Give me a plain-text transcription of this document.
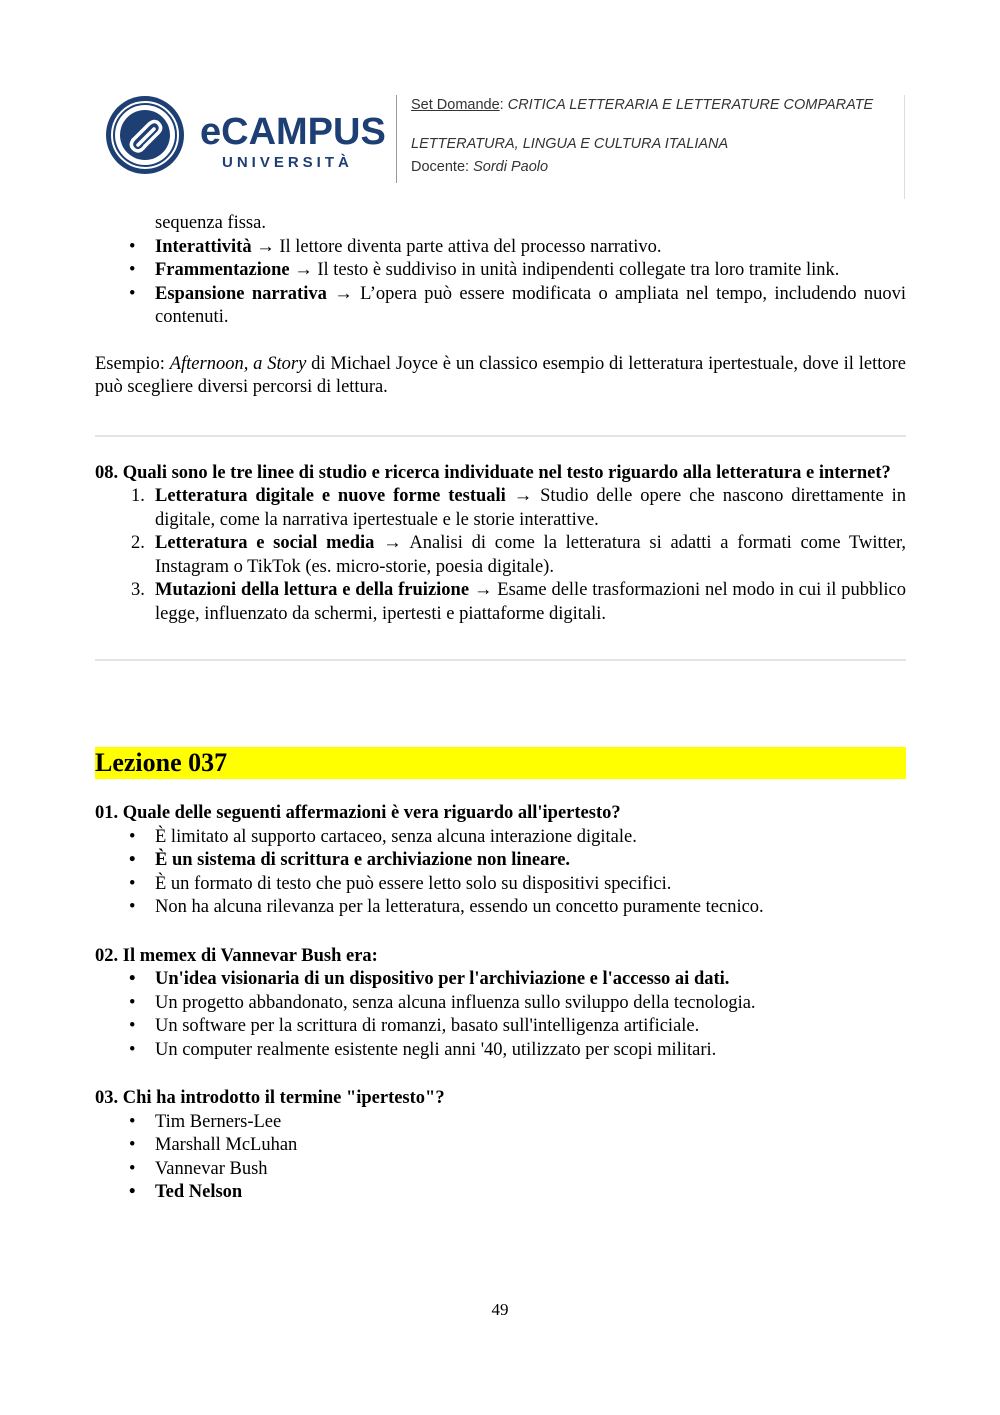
eCAMPUS
UNIVERSITÀ
Set Domande: CRITICA LETTERARIA E LETTERATURE COMPARATE
LETTERATURA, LINGUA E CULTURA ITALIANA
Docente: Sordi Paolo

sequenza fissa.

• Interattività → Il lettore diventa parte attiva del processo narrativo.
• Frammentazione → Il testo è suddiviso in unità indipendenti collegate tra loro tramite link.
• Espansione narrativa → L’opera può essere modificata o ampliata nel tempo, includendo nuovi contenuti.

Esempio: Afternoon, a Story di Michael Joyce è un classico esempio di letteratura ipertestuale, dove il lettore può scegliere diversi percorsi di lettura.

08. Quali sono le tre linee di studio e ricerca individuate nel testo riguardo alla letteratura e internet?

1. Letteratura digitale e nuove forme testuali → Studio delle opere che nascono direttamente in digitale, come la narrativa ipertestuale e le storie interattive.
2. Letteratura e social media → Analisi di come la letteratura si adatti a formati come Twitter, Instagram o TikTok (es. micro-storie, poesia digitale).
3. Mutazioni della lettura e della fruizione → Esame delle trasformazioni nel modo in cui il pubblico legge, influenzato da schermi, ipertesti e piattaforme digitali.
Lezione 037

01. Quale delle seguenti affermazioni è vera riguardo all'ipertesto?

• È limitato al supporto cartaceo, senza alcuna interazione digitale.
• È un sistema di scrittura e archiviazione non lineare.
• È un formato di testo che può essere letto solo su dispositivi specifici.
• Non ha alcuna rilevanza per la letteratura, essendo un concetto puramente tecnico.

02. Il memex di Vannevar Bush era:

• Un'idea visionaria di un dispositivo per l'archiviazione e l'accesso ai dati.
• Un progetto abbandonato, senza alcuna influenza sullo sviluppo della tecnologia.
• Un software per la scrittura di romanzi, basato sull'intelligenza artificiale.
• Un computer realmente esistente negli anni '40, utilizzato per scopi militari.

03. Chi ha introdotto il termine "ipertesto"?

• Tim Berners-Lee
• Marshall McLuhan
• Vannevar Bush
• Ted Nelson
49
